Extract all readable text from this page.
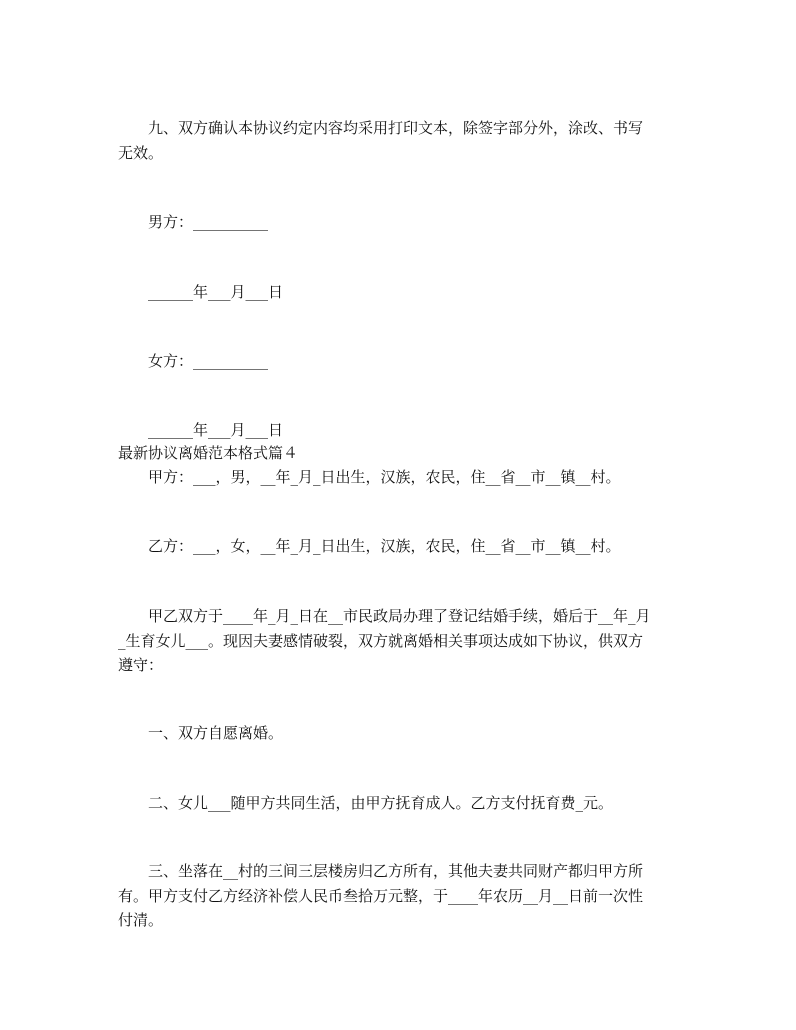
九、双方确认本协议约定内容均采用打印文本，除签字部分外，涂改、书写
无效。
男方：__________
______年___月___日
女方：__________
______年___月___日
最新协议离婚范本格式篇４
甲方：___，男，__年_月_日出生，汉族，农民，住__省__市__镇__村。
乙方：___，女，__年_月_日出生，汉族，农民，住__省__市__镇__村。
甲乙双方于____年_月_日在__市民政局办理了登记结婚手续，婚后于__年_月
_生育女儿___。现因夫妻感情破裂，双方就离婚相关事项达成如下协议，供双方
遵守：
一、双方自愿离婚。
二、女儿___随甲方共同生活，由甲方抚育成人。乙方支付抚育费_元。
三、坐落在__村的三间三层楼房归乙方所有，其他夫妻共同财产都归甲方所
有。甲方支付乙方经济补偿人民币叁拾万元整，于____年农历__月__日前一次性
付清。
